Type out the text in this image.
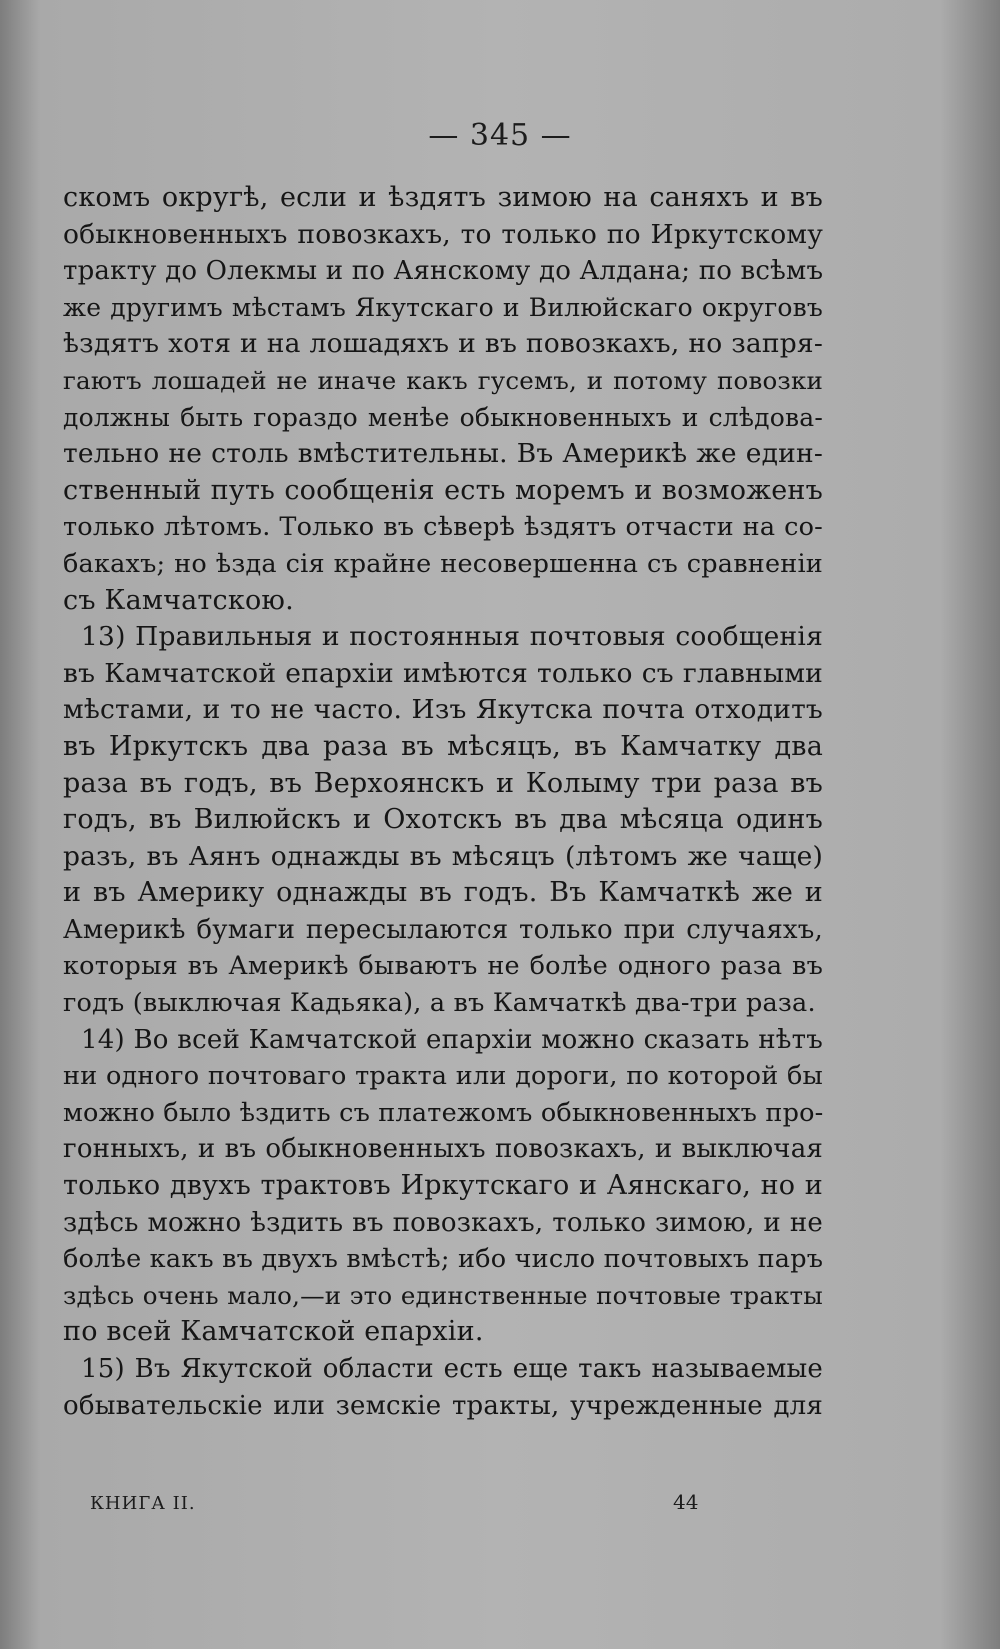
— 345 —
скомъ округѣ, если и ѣздятъ зимою на саняхъ и въ
обыкновенныхъ повозкахъ, то только по Иркутскому
тракту до Олекмы и по Аянскому до Алдана; по всѣмъ
же другимъ мѣстамъ Якутскаго и Вилюйскаго округовъ
ѣздятъ хотя и на лошадяхъ и въ повозкахъ, но запря-
гаютъ лошадей не иначе какъ гусемъ, и потому повозки
должны быть гораздо менѣе обыкновенныхъ и слѣдова-
тельно не столь вмѣстительны. Въ Америкѣ же един-
ственный путь сообщенія есть моремъ и возможенъ
только лѣтомъ. Только въ сѣверѣ ѣздятъ отчасти на со-
бакахъ; но ѣзда сія крайне несовершенна съ сравненіи
съ Камчатскою.
13) Правильныя и постоянныя почтовыя сообщенія
въ Камчатской епархіи имѣются только съ главными
мѣстами, и то не часто. Изъ Якутска почта отходитъ
въ Иркутскъ два раза въ мѣсяцъ, въ Камчатку два
раза въ годъ, въ Верхоянскъ и Колыму три раза въ
годъ, въ Вилюйскъ и Охотскъ въ два мѣсяца одинъ
разъ, въ Аянъ однажды въ мѣсяцъ (лѣтомъ же чаще)
и въ Америку однажды въ годъ. Въ Камчаткѣ же и
Америкѣ бумаги пересылаются только при случаяхъ,
которыя въ Америкѣ бываютъ не болѣе одного раза въ
годъ (выключая Кадьяка), а въ Камчаткѣ два-три раза.
14) Во всей Камчатской епархіи можно сказать нѣтъ
ни одного почтоваго тракта или дороги, по которой бы
можно было ѣздить съ платежомъ обыкновенныхъ про-
гонныхъ, и въ обыкновенныхъ повозкахъ, и выключая
только двухъ трактовъ Иркутскаго и Аянскаго, но и
здѣсь можно ѣздить въ повозкахъ, только зимою, и не
болѣе какъ въ двухъ вмѣстѣ; ибо число почтовыхъ паръ
здѣсь очень мало,—и это единственные почтовые тракты
по всей Камчатской епархіи.
15) Въ Якутской области есть еще такъ называемые
обывательскіе или земскіе тракты, учрежденные для
КНИГА II.	44
